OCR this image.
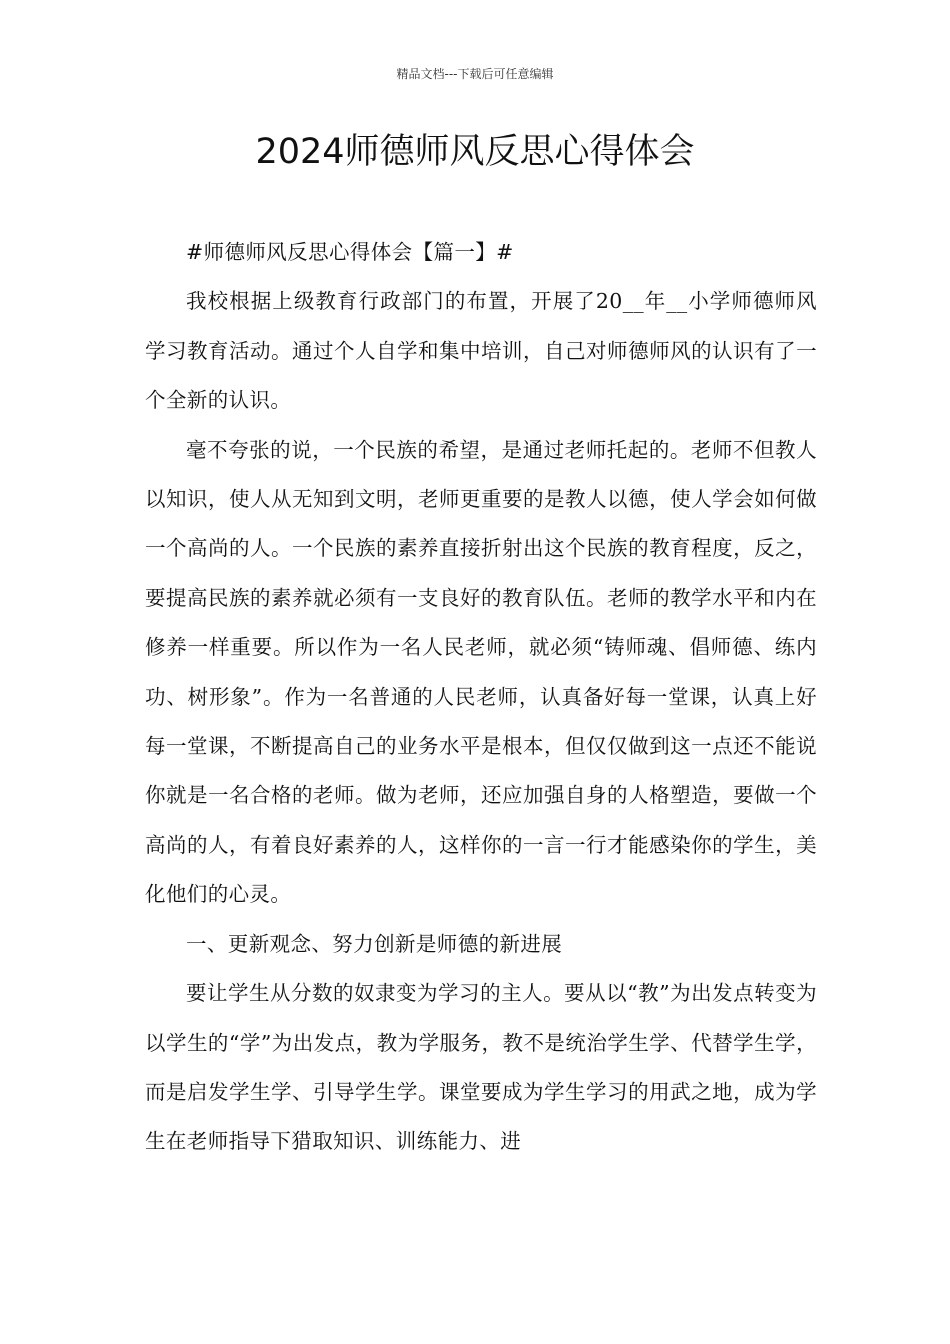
精品文档---下载后可任意编辑
2024师德师风反思心得体会

#师德师风反思心得体会【篇一】#

我校根据上级教育行政部门的布置，开展了20__年__小学师德师风学习教育活动。通过个人自学和集中培训，自己对师德师风的认识有了一个全新的认识。

毫不夸张的说，一个民族的希望，是通过老师托起的。老师不但教人以知识，使人从无知到文明，老师更重要的是教人以德，使人学会如何做一个高尚的人。一个民族的素养直接折射出这个民族的教育程度，反之，要提高民族的素养就必须有一支良好的教育队伍。老师的教学水平和内在修养一样重要。所以作为一名人民老师，就必须“铸师魂、倡师德、练内功、树形象”。作为一名普通的人民老师，认真备好每一堂课，认真上好每一堂课，不断提高自己的业务水平是根本，但仅仅做到这一点还不能说你就是一名合格的老师。做为老师，还应加强自身的人格塑造，要做一个高尚的人，有着良好素养的人，这样你的一言一行才能感染你的学生，美化他们的心灵。

一、更新观念、努力创新是师德的新进展

要让学生从分数的奴隶变为学习的主人。要从以“教”为出发点转变为以学生的“学”为出发点，教为学服务，教不是统治学生学、代替学生学，而是启发学生学、引导学生学。课堂要成为学生学习的用武之地，成为学生在老师指导下猎取知识、训练能力、进
